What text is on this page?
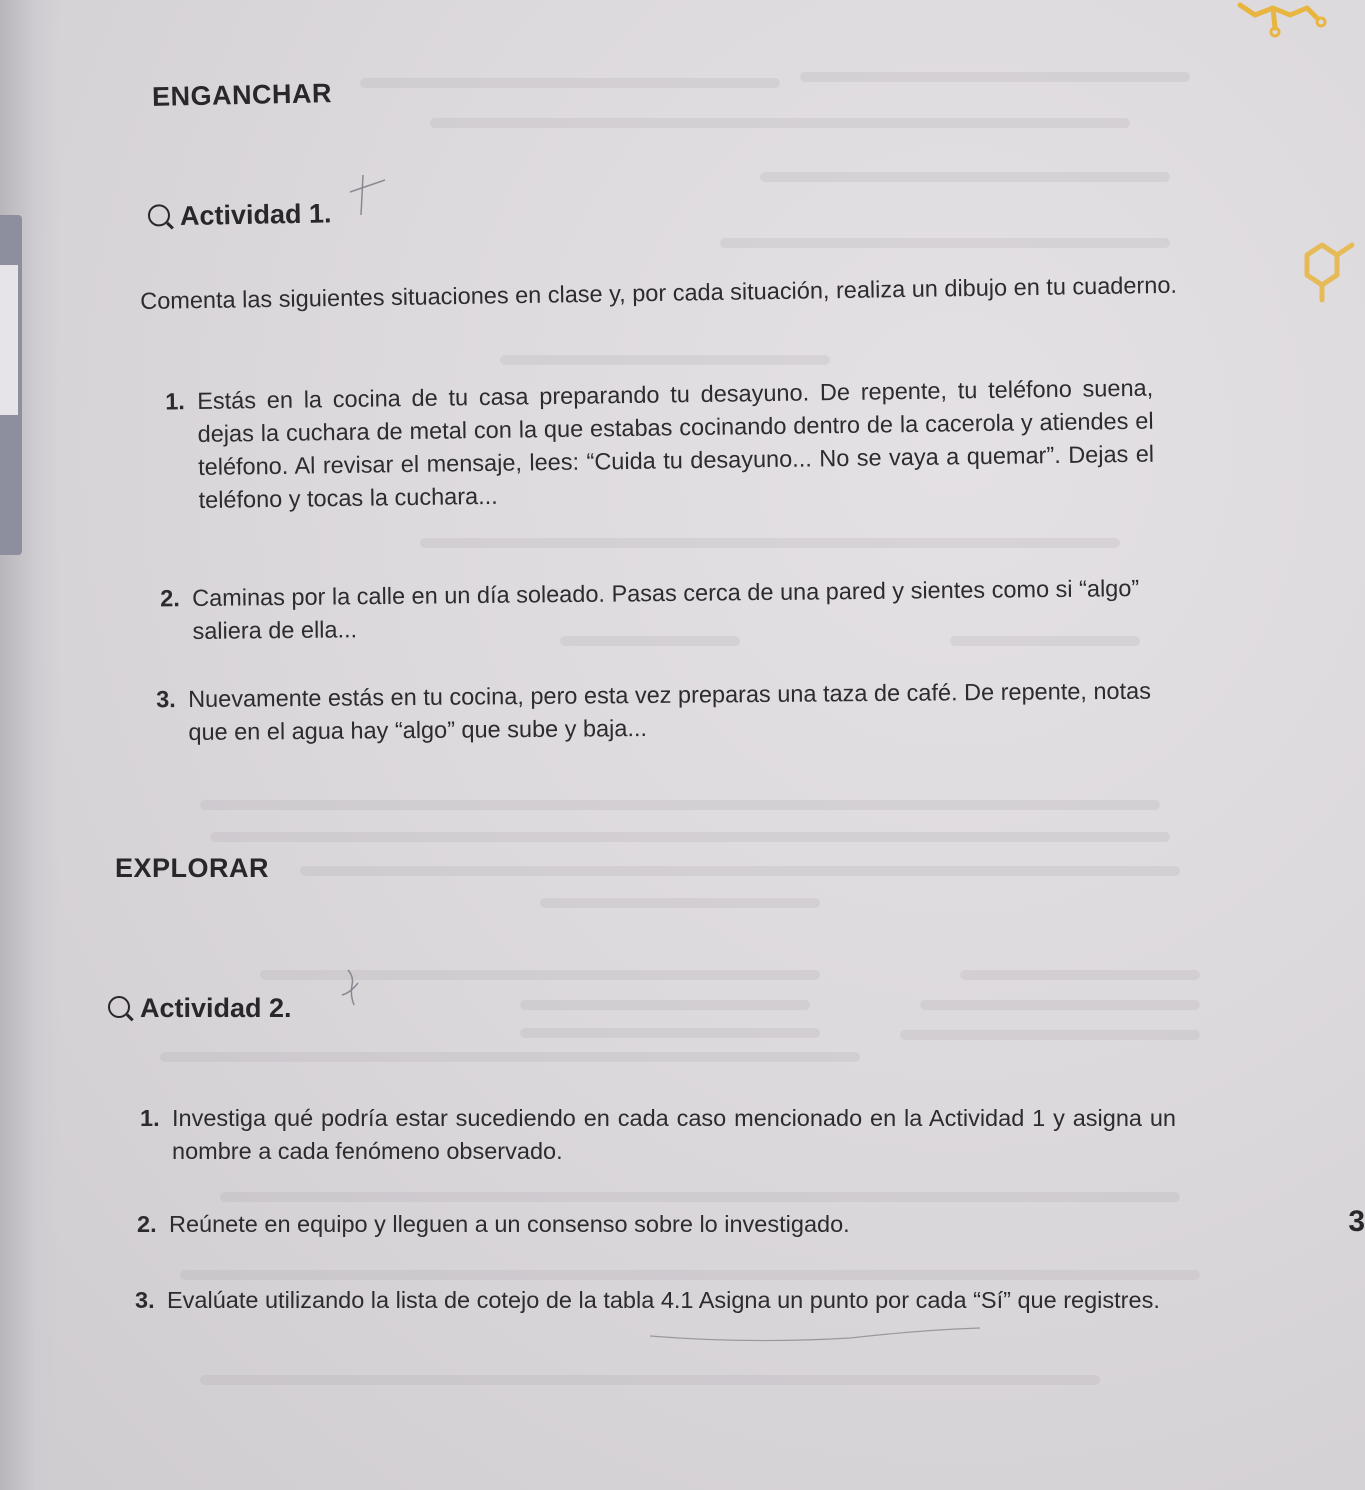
ENGANCHAR
Actividad 1.
Comenta las siguientes situaciones en clase y, por cada situación, realiza un dibujo en tu cuaderno.
1. Estás en la cocina de tu casa preparando tu desayuno. De repente, tu teléfono suena, dejas la cuchara de metal con la que estabas cocinando dentro de la cacerola y atiendes el teléfono. Al revisar el mensaje, lees: “Cuida tu desayuno... No se vaya a quemar”. Dejas el teléfono y tocas la cuchara...
2. Caminas por la calle en un día soleado. Pasas cerca de una pared y sientes como si “algo” saliera de ella...
3. Nuevamente estás en tu cocina, pero esta vez preparas una taza de café. De repente, notas que en el agua hay “algo” que sube y baja...
EXPLORAR
Actividad 2.
1. Investiga qué podría estar sucediendo en cada caso mencionado en la Actividad 1 y asigna un nombre a cada fenómeno observado.
2. Reúnete en equipo y lleguen a un consenso sobre lo investigado.
3. Evalúate utilizando la lista de cotejo de la tabla 4.1 Asigna un punto por cada “Sí” que registres.
3
